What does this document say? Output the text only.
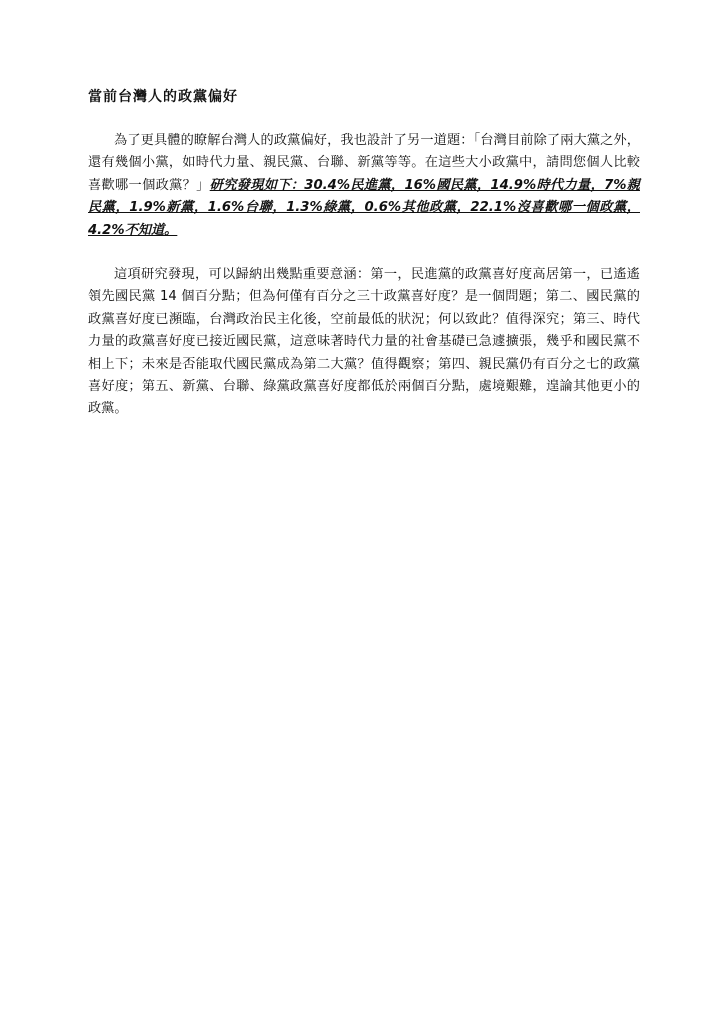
當前台灣人的政黨偏好

為了更具體的瞭解台灣人的政黨偏好，我也設計了另一道題：「台灣目前除了兩大黨之外，還有幾個小黨，如時代力量、親民黨、台聯、新黨等等。在這些大小政黨中，請問您個人比較喜歡哪一個政黨？」研究發現如下：30.4%民進黨，16%國民黨，14.9%時代力量，7%親民黨，1.9%新黨，1.6%台聯，1.3%綠黨，0.6%其他政黨，22.1%沒喜歡哪一個政黨，4.2%不知道。

這項研究發現，可以歸納出幾點重要意涵：第一，民進黨的政黨喜好度高居第一，已遙遙領先國民黨 14 個百分點；但為何僅有百分之三十政黨喜好度？是一個問題；第二、國民黨的政黨喜好度已瀕臨，台灣政治民主化後，空前最低的狀況；何以致此？值得深究；第三、時代力量的政黨喜好度已接近國民黨，這意味著時代力量的社會基礎已急遽擴張，幾乎和國民黨不相上下；未來是否能取代國民黨成為第二大黨？值得觀察；第四、親民黨仍有百分之七的政黨喜好度；第五、新黨、台聯、綠黨政黨喜好度都低於兩個百分點，處境艱難，遑論其他更小的政黨。
